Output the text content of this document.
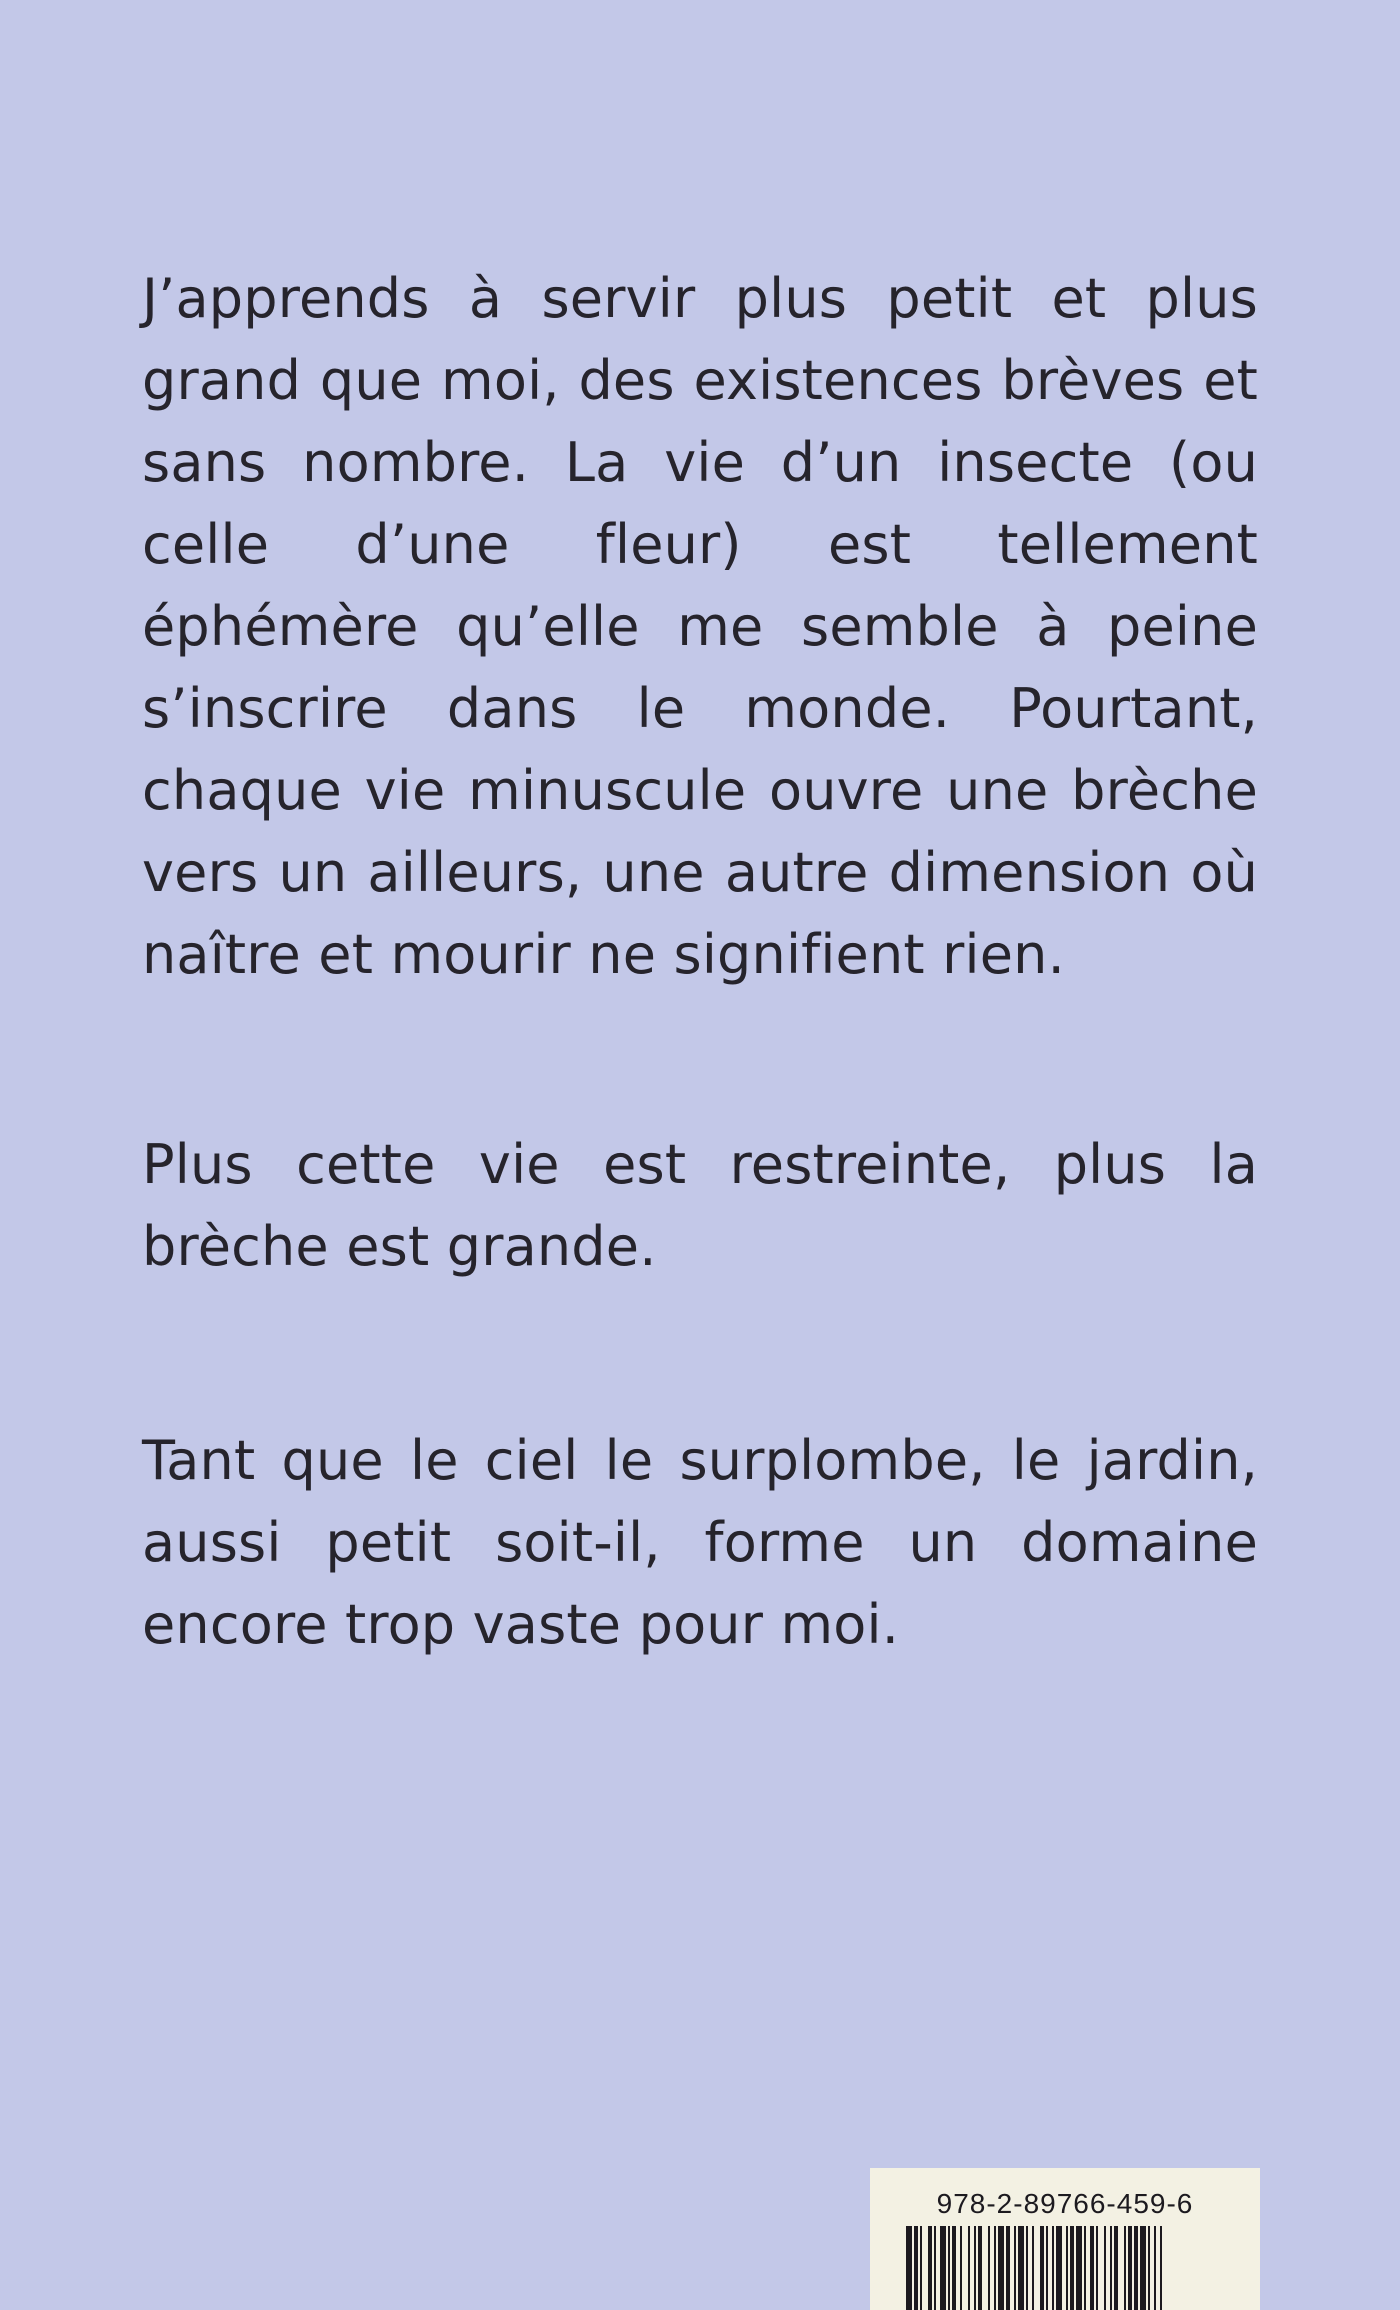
J’apprends à servir plus petit et plus grand que moi, des existences brèves et sans nombre. La vie d’un insecte (ou celle d’une fleur) est tellement éphémère qu’elle me semble à peine s’inscrire dans le monde. Pourtant, chaque vie minuscule ouvre une brèche vers un ailleurs, une autre dimension où naître et mourir ne signifient rien.

Plus cette vie est restreinte, plus la brèche est grande.

Tant que le ciel le surplombe, le jardin, aussi petit soit-il, forme un domaine encore trop vaste pour moi.

978-2-89766-459-6
